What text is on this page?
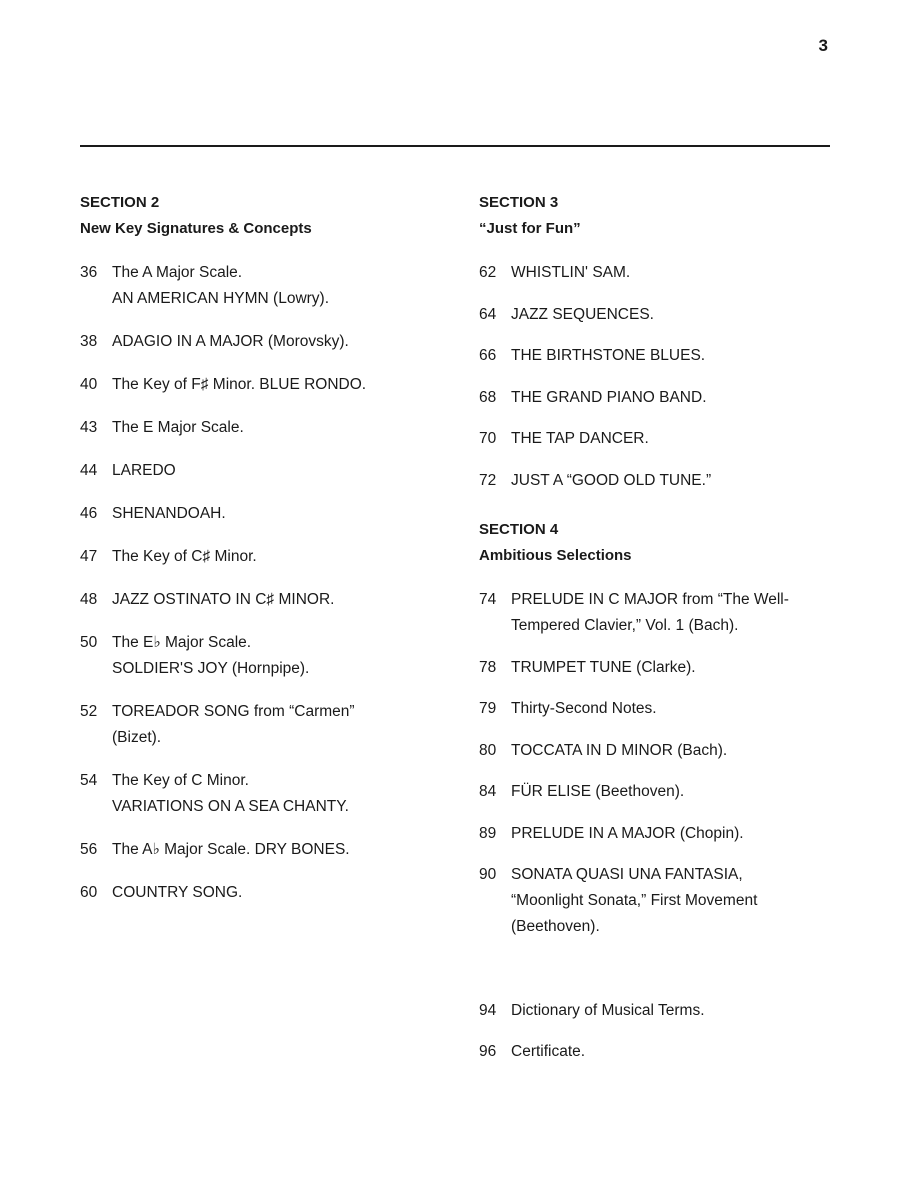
3
SECTION 2
New Key Signatures & Concepts
36 The A Major Scale.
AN AMERICAN HYMN (Lowry).
38 ADAGIO IN A MAJOR (Morovsky).
40 The Key of F♯ Minor. BLUE RONDO.
43 The E Major Scale.
44 LAREDO
46 SHENANDOAH.
47 The Key of C♯ Minor.
48 JAZZ OSTINATO IN C♯ MINOR.
50 The E♭ Major Scale.
SOLDIER'S JOY (Hornpipe).
52 TOREADOR SONG from “Carmen”
(Bizet).
54 The Key of C Minor.
VARIATIONS ON A SEA CHANTY.
56 The A♭ Major Scale. DRY BONES.
60 COUNTRY SONG.
SECTION 3
“Just for Fun”
62 WHISTLIN' SAM.
64 JAZZ SEQUENCES.
66 THE BIRTHSTONE BLUES.
68 THE GRAND PIANO BAND.
70 THE TAP DANCER.
72 JUST A “GOOD OLD TUNE.”
SECTION 4
Ambitious Selections
74 PRELUDE IN C MAJOR from “The Well-
Tempered Clavier,” Vol. 1 (Bach).
78 TRUMPET TUNE (Clarke).
79 Thirty-Second Notes.
80 TOCCATA IN D MINOR (Bach).
84 FÜR ELISE (Beethoven).
89 PRELUDE IN A MAJOR (Chopin).
90 SONATA QUASI UNA FANTASIA,
“Moonlight Sonata,” First Movement
(Beethoven).
94 Dictionary of Musical Terms.
96 Certificate.
